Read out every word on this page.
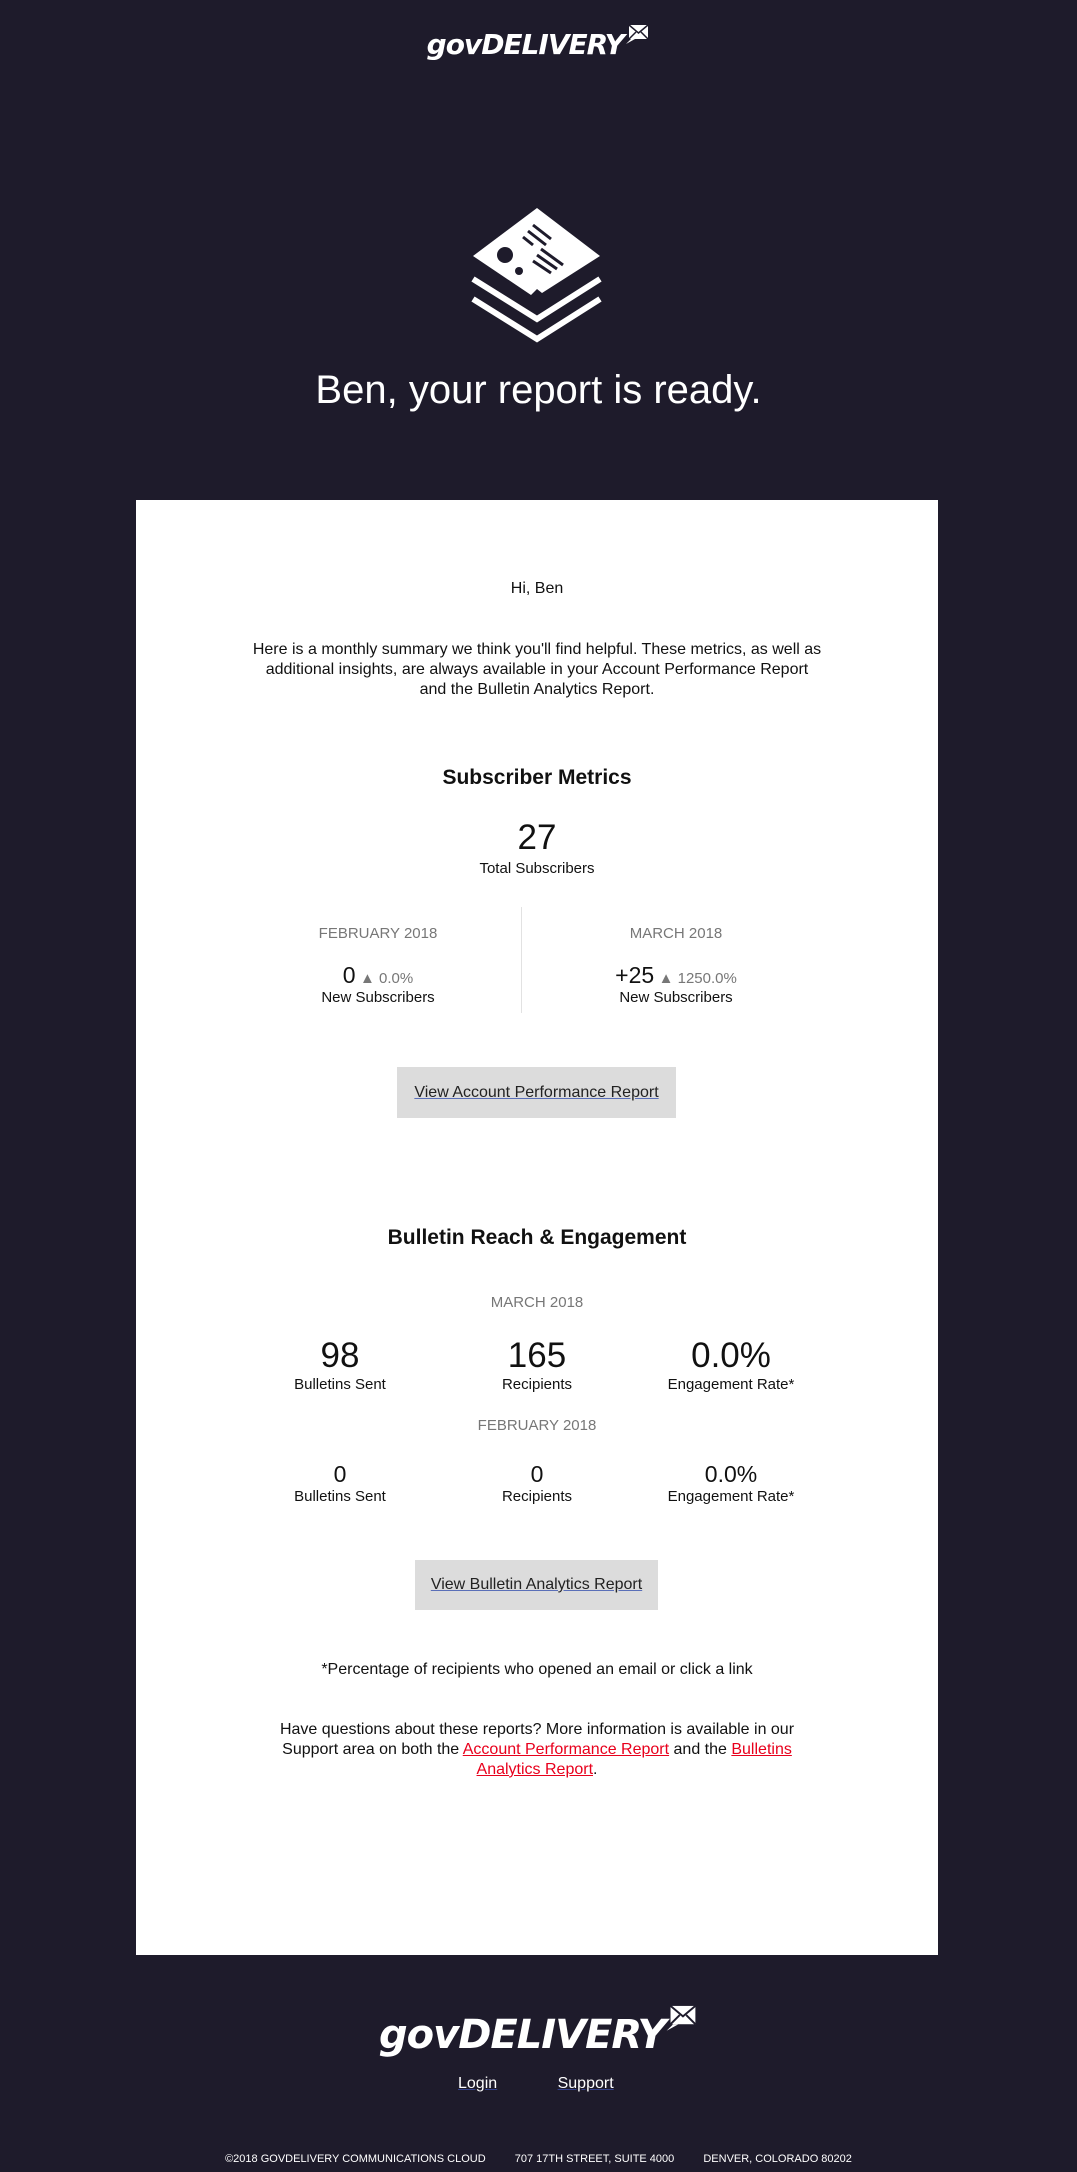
govDELIVERY
Ben, your report is ready.
Hi, Ben
Here is a monthly summary we think you'll find helpful. These metrics, as well as additional insights, are always available in your Account Performance Report and the Bulletin Analytics Report.
Subscriber Metrics
27
Total Subscribers
FEBRUARY 2018
0 ▲ 0.0%
New Subscribers
MARCH 2018
+25 ▲ 1250.0%
New Subscribers
View Account Performance Report
Bulletin Reach & Engagement
MARCH 2018
98
Bulletins Sent
165
Recipients
0.0%
Engagement Rate*
FEBRUARY 2018
0
Bulletins Sent
0
Recipients
0.0%
Engagement Rate*
View Bulletin Analytics Report
*Percentage of recipients who opened an email or click a link
Have questions about these reports? More information is available in our Support area on both the Account Performance Report and the Bulletins Analytics Report.
govDELIVERY
Login	Support
©2018 GOVDELIVERY COMMUNICATIONS CLOUD	707 17TH STREET, SUITE 4000	DENVER, COLORADO 80202
